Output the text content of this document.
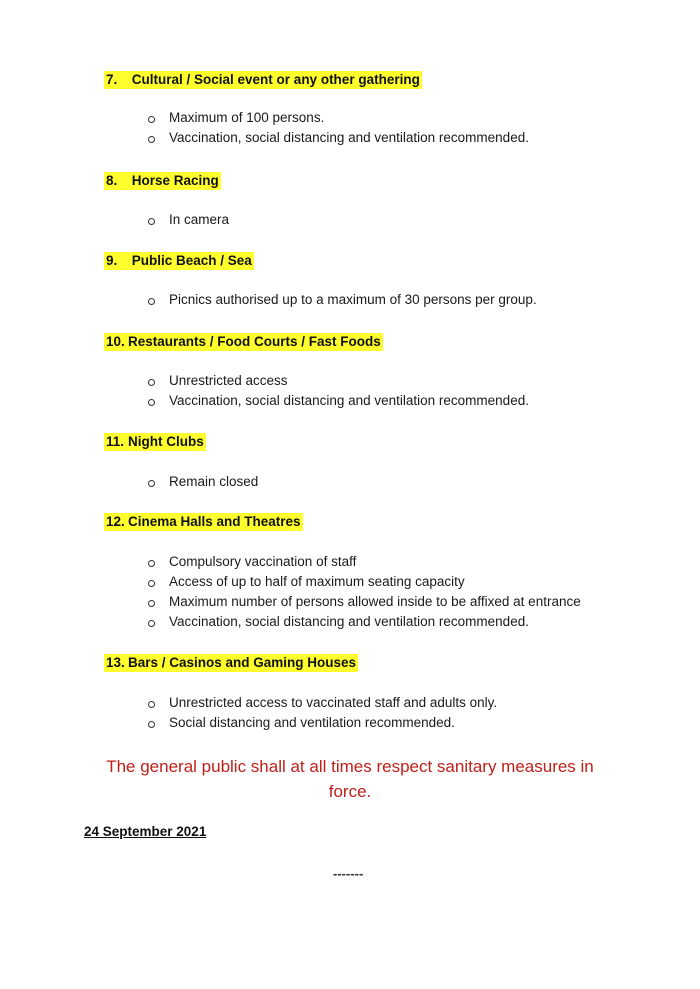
7. Cultural / Social event or any other gathering
Maximum of 100 persons.
Vaccination, social distancing and ventilation recommended.
8. Horse Racing
In camera
9. Public Beach / Sea
Picnics authorised up to a maximum of 30 persons per group.
10. Restaurants / Food Courts / Fast Foods
Unrestricted access
Vaccination, social distancing and ventilation recommended.
11. Night Clubs
Remain closed
12. Cinema Halls and Theatres
Compulsory vaccination of staff
Access of up to half of maximum seating capacity
Maximum number of persons allowed inside to be affixed at entrance
Vaccination, social distancing and ventilation recommended.
13. Bars / Casinos and Gaming Houses
Unrestricted access to vaccinated staff and adults only.
Social distancing and ventilation recommended.
The general public shall at all times respect sanitary measures in
force.
24 September 2021
-------
